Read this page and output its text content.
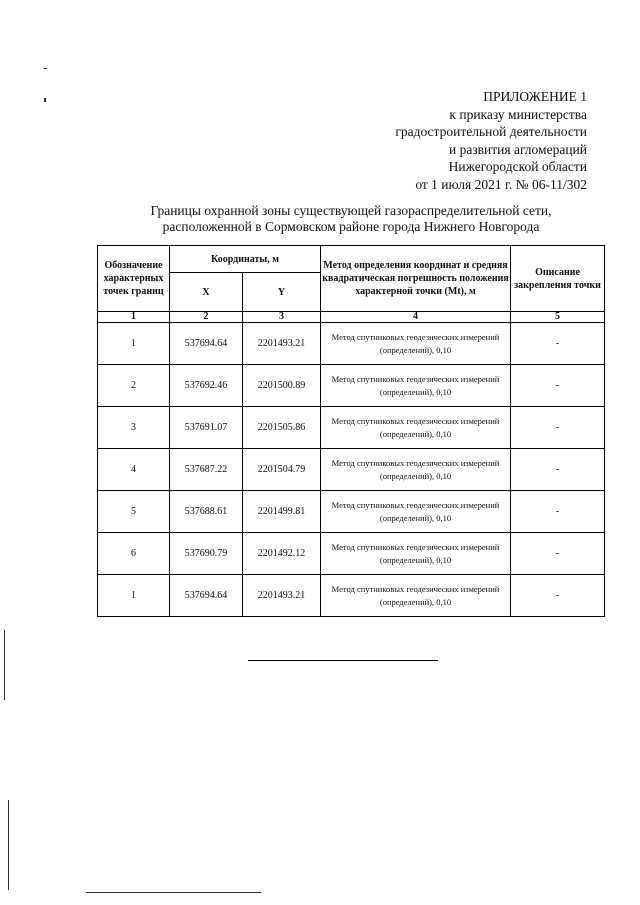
ПРИЛОЖЕНИЕ 1
к приказу министерства
градостроительной деятельности
и развития агломераций
Нижегородской области
от 1 июля 2021 г. № 06-11/302
Границы охранной зоны существующей газораспределительной сети,
расположенной в Сормовском районе города Нижнего Новгорода
Обозначение характерных точек границ	Координаты, м		Метод определения координат и средняя квадратическая погрешность положения характерной точки (Mt), м	Описание закрепления точки
	X	Y		
1	2	3	4	5
1	537694.64	2201493.21	Метод спутниковых геодезических измерений (определений), 0,10	-
2	537692.46	2201500.89	Метод спутниковых геодезических измерений (определений), 0,10	-
3	537691.07	2201505.86	Метод спутниковых геодезических измерений (определений), 0,10	-
4	537687.22	2201504.79	Метод спутниковых геодезических измерений (определений), 0,10	-
5	537688.61	2201499.81	Метод спутниковых геодезических измерений (определений), 0,10	-
6	537690.79	2201492.12	Метод спутниковых геодезических измерений (определений), 0,10	-
1	537694.64	2201493.21	Метод спутниковых геодезических измерений (определений), 0,10	-
